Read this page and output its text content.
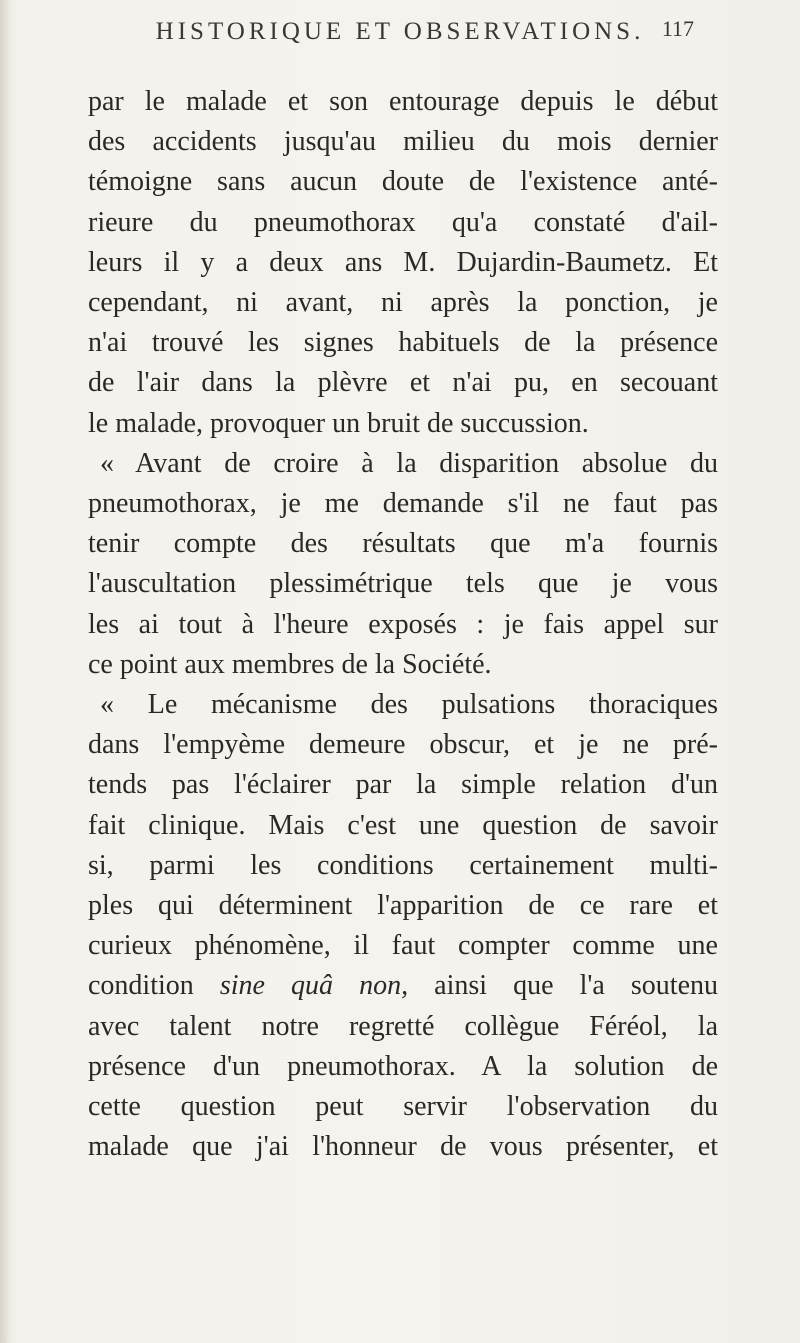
HISTORIQUE ET OBSERVATIONS. 117

par le malade et son entourage depuis le début
des accidents jusqu'au milieu du mois dernier
témoigne sans aucun doute de l'existence anté-
rieure du pneumothorax qu'a constaté d'ail-
leurs il y a deux ans M. Dujardin-Baumetz. Et
cependant, ni avant, ni après la ponction, je
n'ai trouvé les signes habituels de la présence
de l'air dans la plèvre et n'ai pu, en secouant
le malade, provoquer un bruit de succussion.

« Avant de croire à la disparition absolue du
pneumothorax, je me demande s'il ne faut pas
tenir compte des résultats que m'a fournis
l'auscultation plessimétrique tels que je vous
les ai tout à l'heure exposés : je fais appel sur
ce point aux membres de la Société.

« Le mécanisme des pulsations thoraciques
dans l'empyème demeure obscur, et je ne pré-
tends pas l'éclairer par la simple relation d'un
fait clinique. Mais c'est une question de savoir
si, parmi les conditions certainement multi-
ples qui déterminent l'apparition de ce rare et
curieux phénomène, il faut compter comme une
condition sine quâ non, ainsi que l'a soutenu
avec talent notre regretté collègue Féréol, la
présence d'un pneumothorax. A la solution de
cette question peut servir l'observation du
malade que j'ai l'honneur de vous présenter, et
